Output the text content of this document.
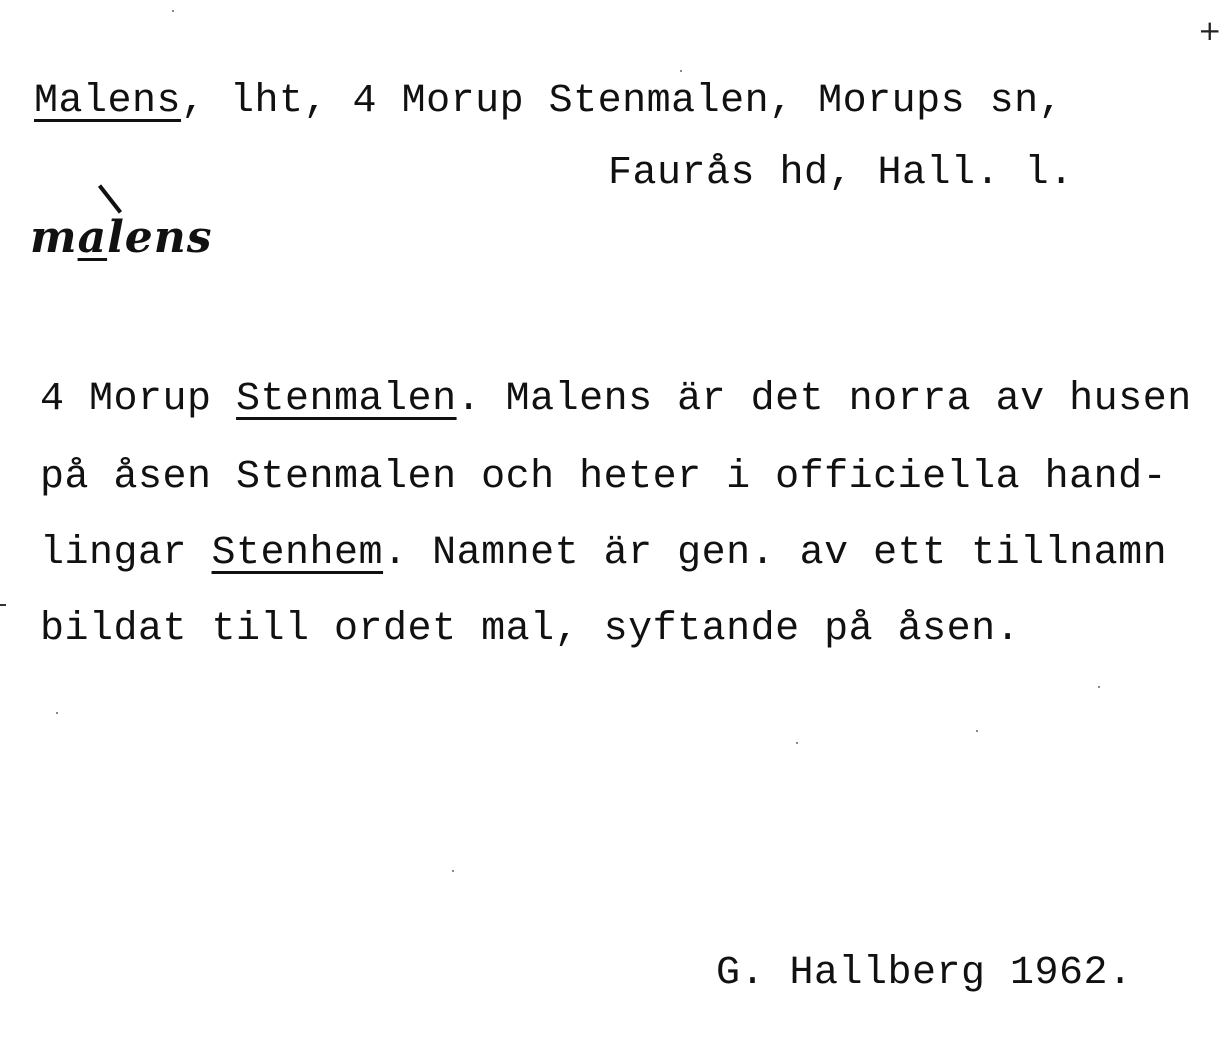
+
Malens, lht, 4 Morup Stenmalen, Morups sn,
Faurås hd, Hall. l.
malens
4 Morup Stenmalen. Malens är det norra av husen
på åsen Stenmalen och heter i officiella hand-
lingar Stenhem. Namnet är gen. av ett tillnamn
bildat till ordet mal, syftande på åsen.
G. Hallberg 1962.
